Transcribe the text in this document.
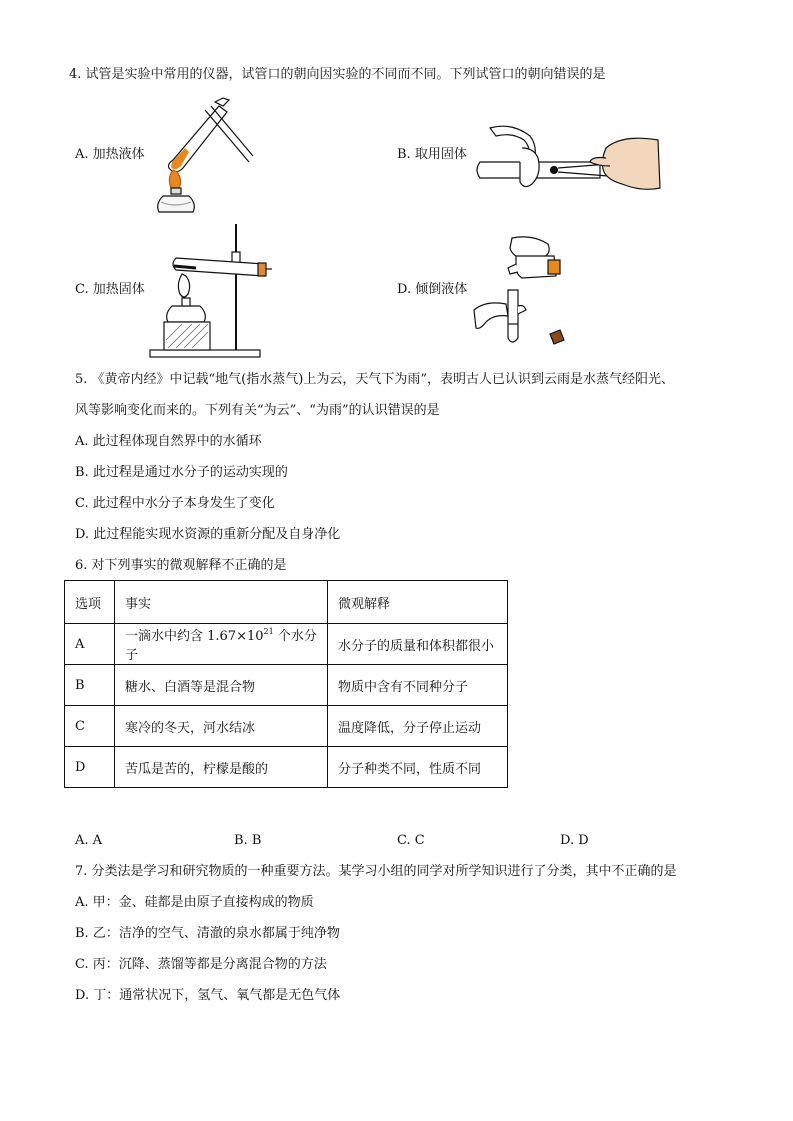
4. 试管是实验中常用的仪器，试管口的朝向因实验的不同而不同。下列试管口的朝向错误的是
A. 加热液体	B. 取用固体
C. 加热固体	D. 倾倒液体
5. 《黄帝内经》中记载“地气(指水蒸气)上为云，天气下为雨”，表明古人已认识到云雨是水蒸气经阳光、
风等影响变化而来的。下列有关“为云”、“为雨”的认识错误的是
A. 此过程体现自然界中的水循环
B. 此过程是通过水分子的运动实现的
C. 此过程中水分子本身发生了变化
D. 此过程能实现水资源的重新分配及自身净化
6. 对下列事实的微观解释不正确的是
选项	事实	微观解释
A	一滴水中约含 $1.67\times 10^{21}$ 个水分子	水分子的质量和体积都很小
B	糖水、白酒等是混合物	物质中含有不同种分子
C	寒冷的冬天，河水结冰	温度降低，分子停止运动
D	苦瓜是苦的，柠檬是酸的	分子种类不同，性质不同
A. A	B. B	C. C	D. D
7. 分类法是学习和研究物质的一种重要方法。某学习小组的同学对所学知识进行了分类，其中不正确的是
A. 甲：金、硅都是由原子直接构成的物质
B. 乙：洁净的空气、清澈的泉水都属于纯净物
C. 丙：沉降、蒸馏等都是分离混合物的方法
D. 丁：通常状况下，氢气、氧气都是无色气体
